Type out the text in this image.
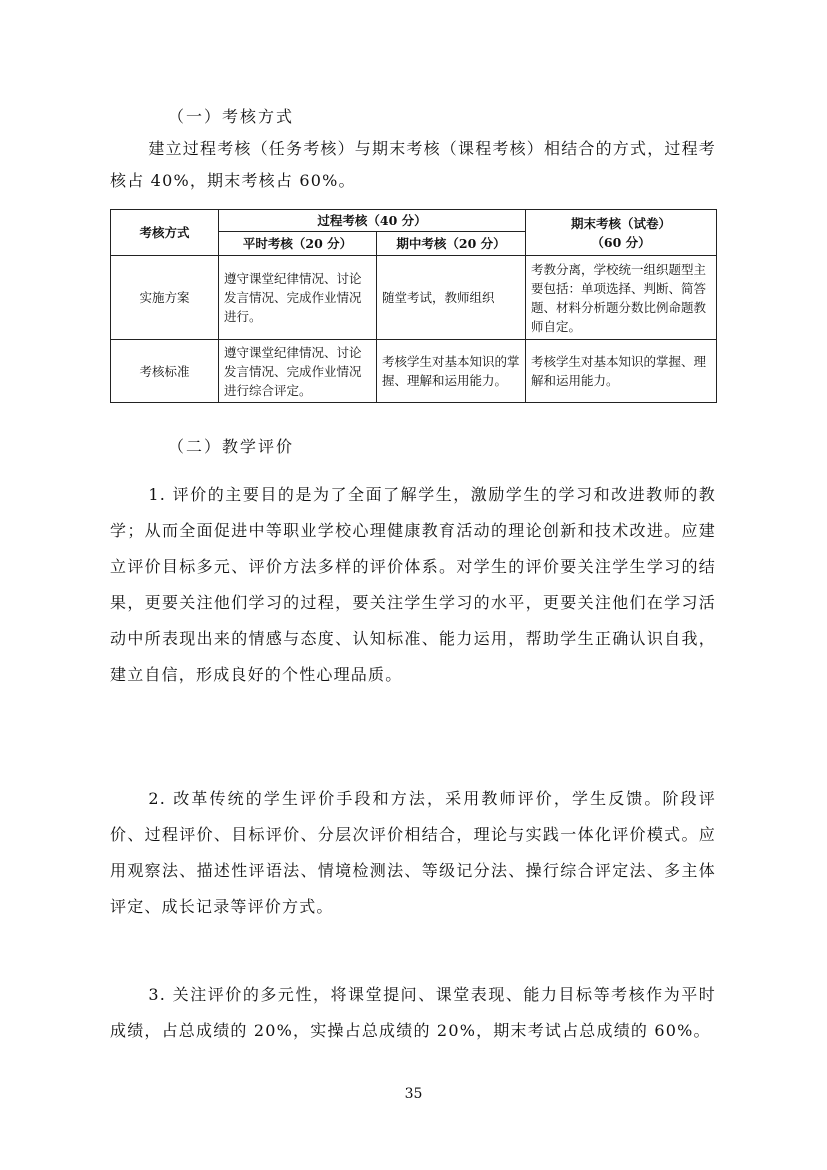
（一）考核方式

建立过程考核（任务考核）与期末考核（课程考核）相结合的方式，过程考核占 40%，期末考核占 60%。

考核方式	过程考核（40 分）		期末考核（试卷）
（60 分）

	平时考核（20 分）	期中考核（20 分）	
实施方案	遵守课堂纪律情况、讨论发言情况、完成作业情况进行。	随堂考试，教师组织	考教分离，学校统一组织题型主要包括：单项选择、判断、简答题、材料分析题分数比例命题教师自定。
考核标准	遵守课堂纪律情况、讨论发言情况、完成作业情况进行综合评定。	考核学生对基本知识的掌握、理解和运用能力。	考核学生对基本知识的掌握、理解和运用能力。
（二）教学评价

1. 评价的主要目的是为了全面了解学生，激励学生的学习和改进教师的教学；从而全面促进中等职业学校心理健康教育活动的理论创新和技术改进。应建立评价目标多元、评价方法多样的评价体系。对学生的评价要关注学生学习的结果，更要关注他们学习的过程，要关注学生学习的水平，更要关注他们在学习活动中所表现出来的情感与态度、认知标准、能力运用，帮助学生正确认识自我，建立自信，形成良好的个性心理品质。

2. 改革传统的学生评价手段和方法，采用教师评价，学生反馈。阶段评价、过程评价、目标评价、分层次评价相结合，理论与实践一体化评价模式。应用观察法、描述性评语法、情境检测法、等级记分法、操行综合评定法、多主体评定、成长记录等评价方式。

3. 关注评价的多元性，将课堂提问、课堂表现、能力目标等考核作为平时成绩，占总成绩的 20%，实操占总成绩的 20%，期末考试占总成绩的 60%。

35
